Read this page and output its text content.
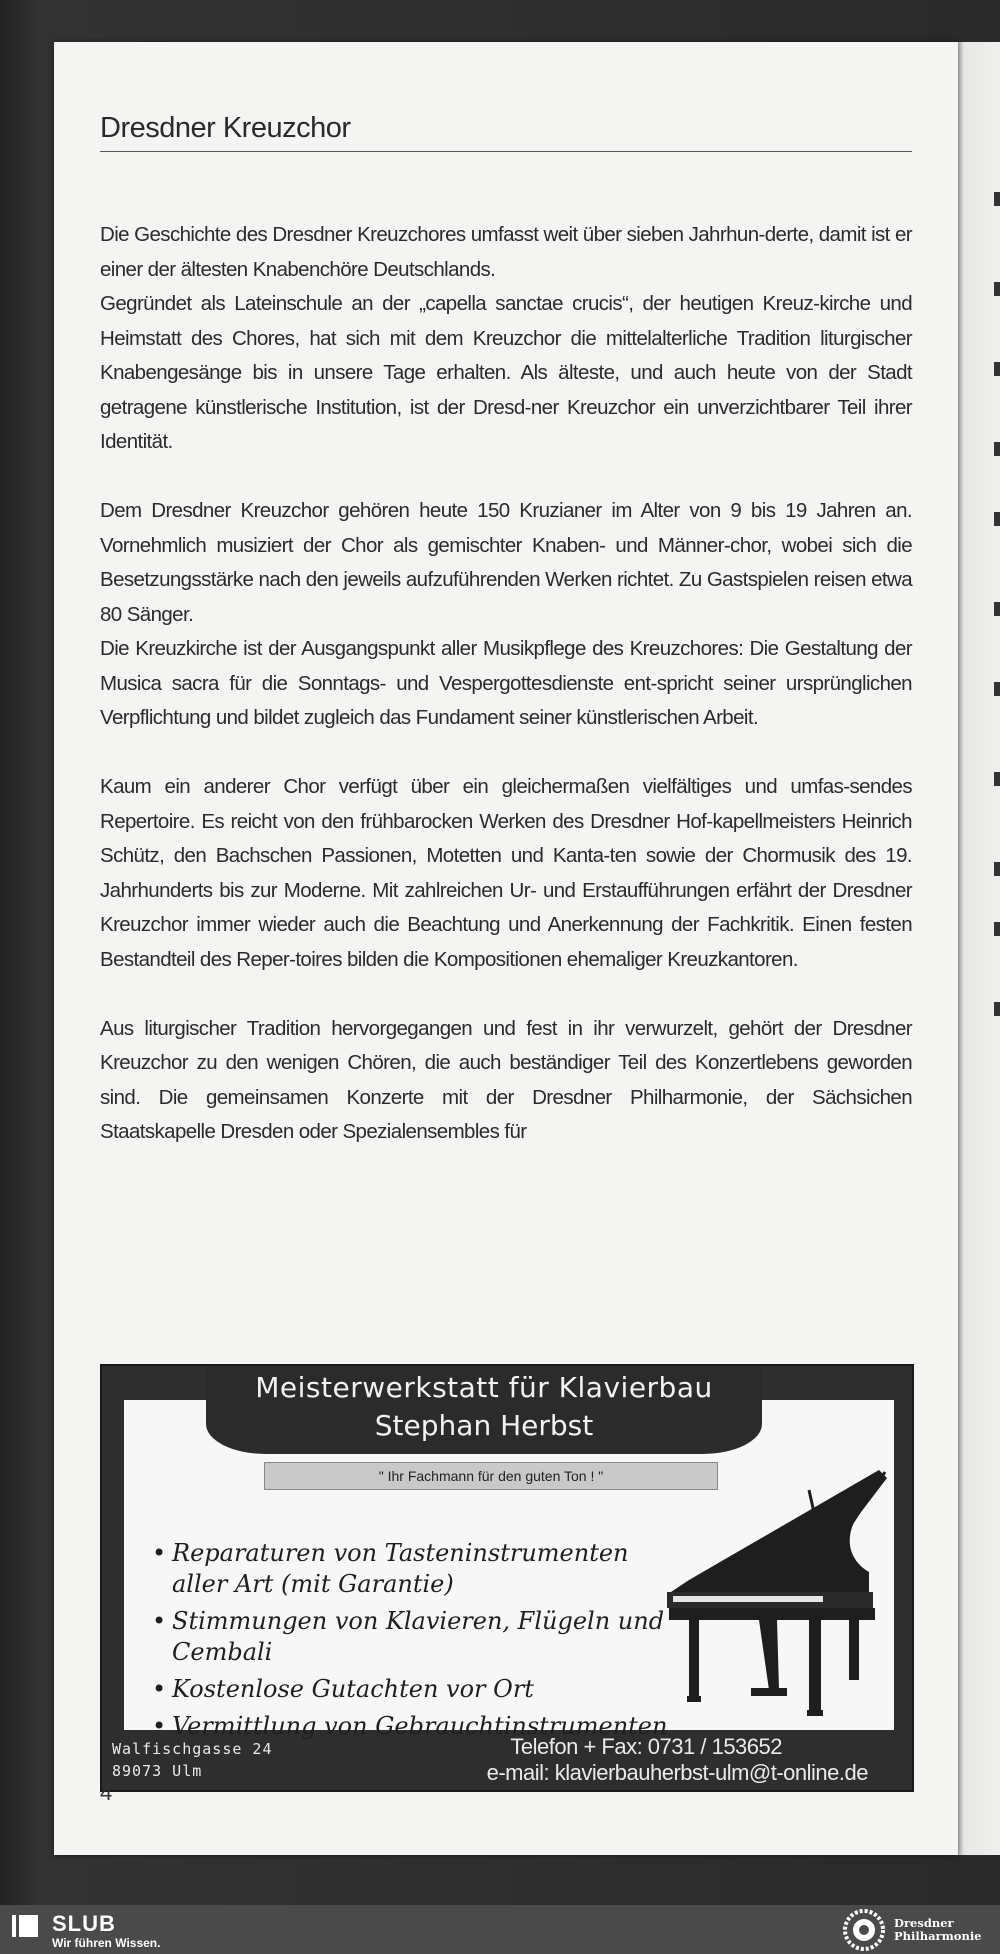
Dresdner Kreuzchor

Die Geschichte des Dresdner Kreuzchores umfasst weit über sieben Jahrhun-derte, damit ist er einer der ältesten Knabenchöre Deutschlands.

Gegründet als Lateinschule an der „capella sanctae crucis“, der heutigen Kreuz-kirche und Heimstatt des Chores, hat sich mit dem Kreuzchor die mittelalterliche Tradition liturgischer Knabengesänge bis in unsere Tage erhalten. Als älteste, und auch heute von der Stadt getragene künstlerische Institution, ist der Dresd-ner Kreuzchor ein unverzichtbarer Teil ihrer Identität.

Dem Dresdner Kreuzchor gehören heute 150 Kruzianer im Alter von 9 bis 19 Jahren an. Vornehmlich musiziert der Chor als gemischter Knaben- und Männer-chor, wobei sich die Besetzungsstärke nach den jeweils aufzuführenden Werken richtet. Zu Gastspielen reisen etwa 80 Sänger.

Die Kreuzkirche ist der Ausgangspunkt aller Musikpflege des Kreuzchores: Die Gestaltung der Musica sacra für die Sonntags- und Vespergottesdienste ent-spricht seiner ursprünglichen Verpflichtung und bildet zugleich das Fundament seiner künstlerischen Arbeit.

Kaum ein anderer Chor verfügt über ein gleichermaßen vielfältiges und umfas-sendes Repertoire. Es reicht von den frühbarocken Werken des Dresdner Hof-kapellmeisters Heinrich Schütz, den Bachschen Passionen, Motetten und Kanta-ten sowie der Chormusik des 19. Jahrhunderts bis zur Moderne. Mit zahlreichen Ur- und Erstaufführungen erfährt der Dresdner Kreuzchor immer wieder auch die Beachtung und Anerkennung der Fachkritik. Einen festen Bestandteil des Reper-toires bilden die Kompositionen ehemaliger Kreuzkantoren.

Aus liturgischer Tradition hervorgegangen und fest in ihr verwurzelt, gehört der Dresdner Kreuzchor zu den wenigen Chören, die auch beständiger Teil des Konzertlebens geworden sind. Die gemeinsamen Konzerte mit der Dresdner Philharmonie, der Sächsichen Staatskapelle Dresden oder Spezialensembles für

• Reparaturen von Tasteninstrumenten aller Art (mit Garantie)
• Stimmungen von Klavieren, Flügeln und Cembali
• Kostenlose Gutachten vor Ort
• Vermittlung von Gebrauchtinstrumenten
Meisterwerkstatt für Klavierbau
Stephan Herbst
" Ihr Fachmann für den guten Ton ! "
Walfischgasse 24
89073 Ulm
Telefon + Fax: 0731 / 153652
e-mail: klavierbauherbst-ulm@t-online.de
4
SLUB
Wir führen Wissen.
Dresdner
Philharmonie
